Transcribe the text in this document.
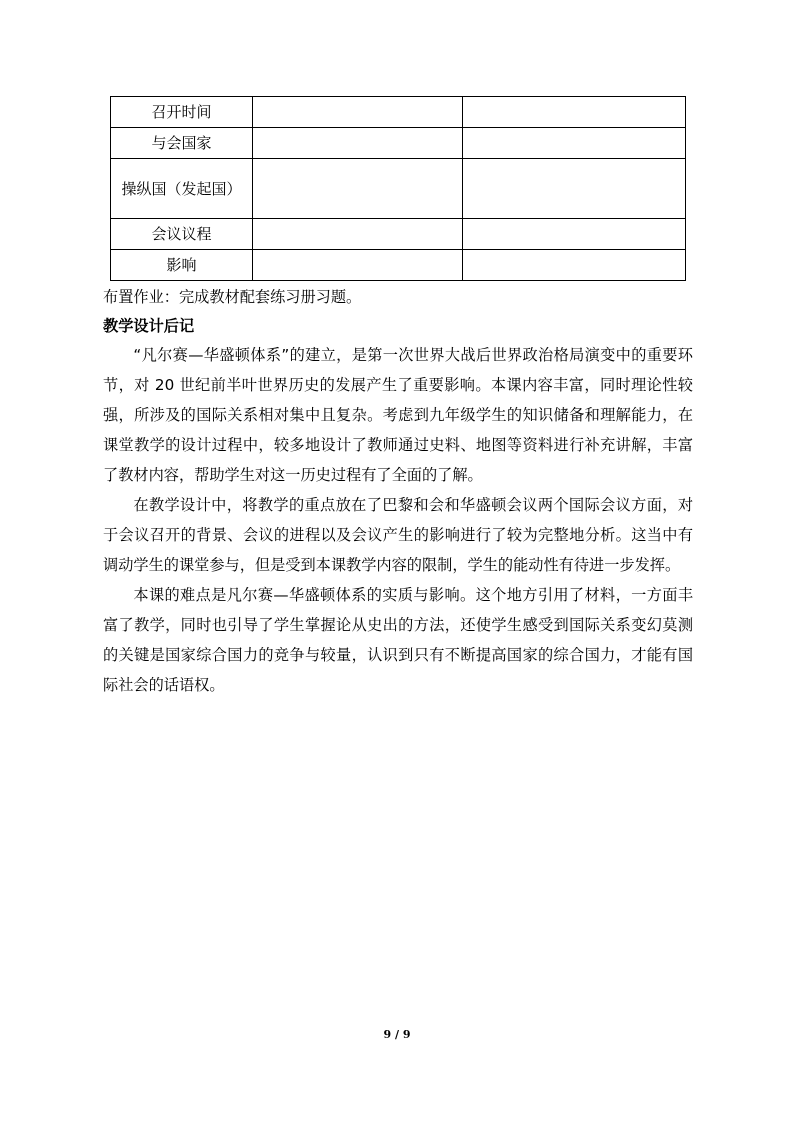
召开时间		
与会国家		
操纵国（发起国）		
会议议程		
影响		
布置作业：完成教材配套练习册习题。
教学设计后记

“凡尔赛—华盛顿体系”的建立，是第一次世界大战后世界政治格局演变中的重要环节，对 20 世纪前半叶世界历史的发展产生了重要影响。本课内容丰富，同时理论性较强，所涉及的国际关系相对集中且复杂。考虑到九年级学生的知识储备和理解能力，在课堂教学的设计过程中，较多地设计了教师通过史料、地图等资料进行补充讲解，丰富了教材内容，帮助学生对这一历史过程有了全面的了解。

在教学设计中，将教学的重点放在了巴黎和会和华盛顿会议两个国际会议方面，对于会议召开的背景、会议的进程以及会议产生的影响进行了较为完整地分析。这当中有调动学生的课堂参与，但是受到本课教学内容的限制，学生的能动性有待进一步发挥。

本课的难点是凡尔赛—华盛顿体系的实质与影响。这个地方引用了材料，一方面丰富了教学，同时也引导了学生掌握论从史出的方法，还使学生感受到国际关系变幻莫测的关键是国家综合国力的竞争与较量，认识到只有不断提高国家的综合国力，才能有国际社会的话语权。

9 / 9
